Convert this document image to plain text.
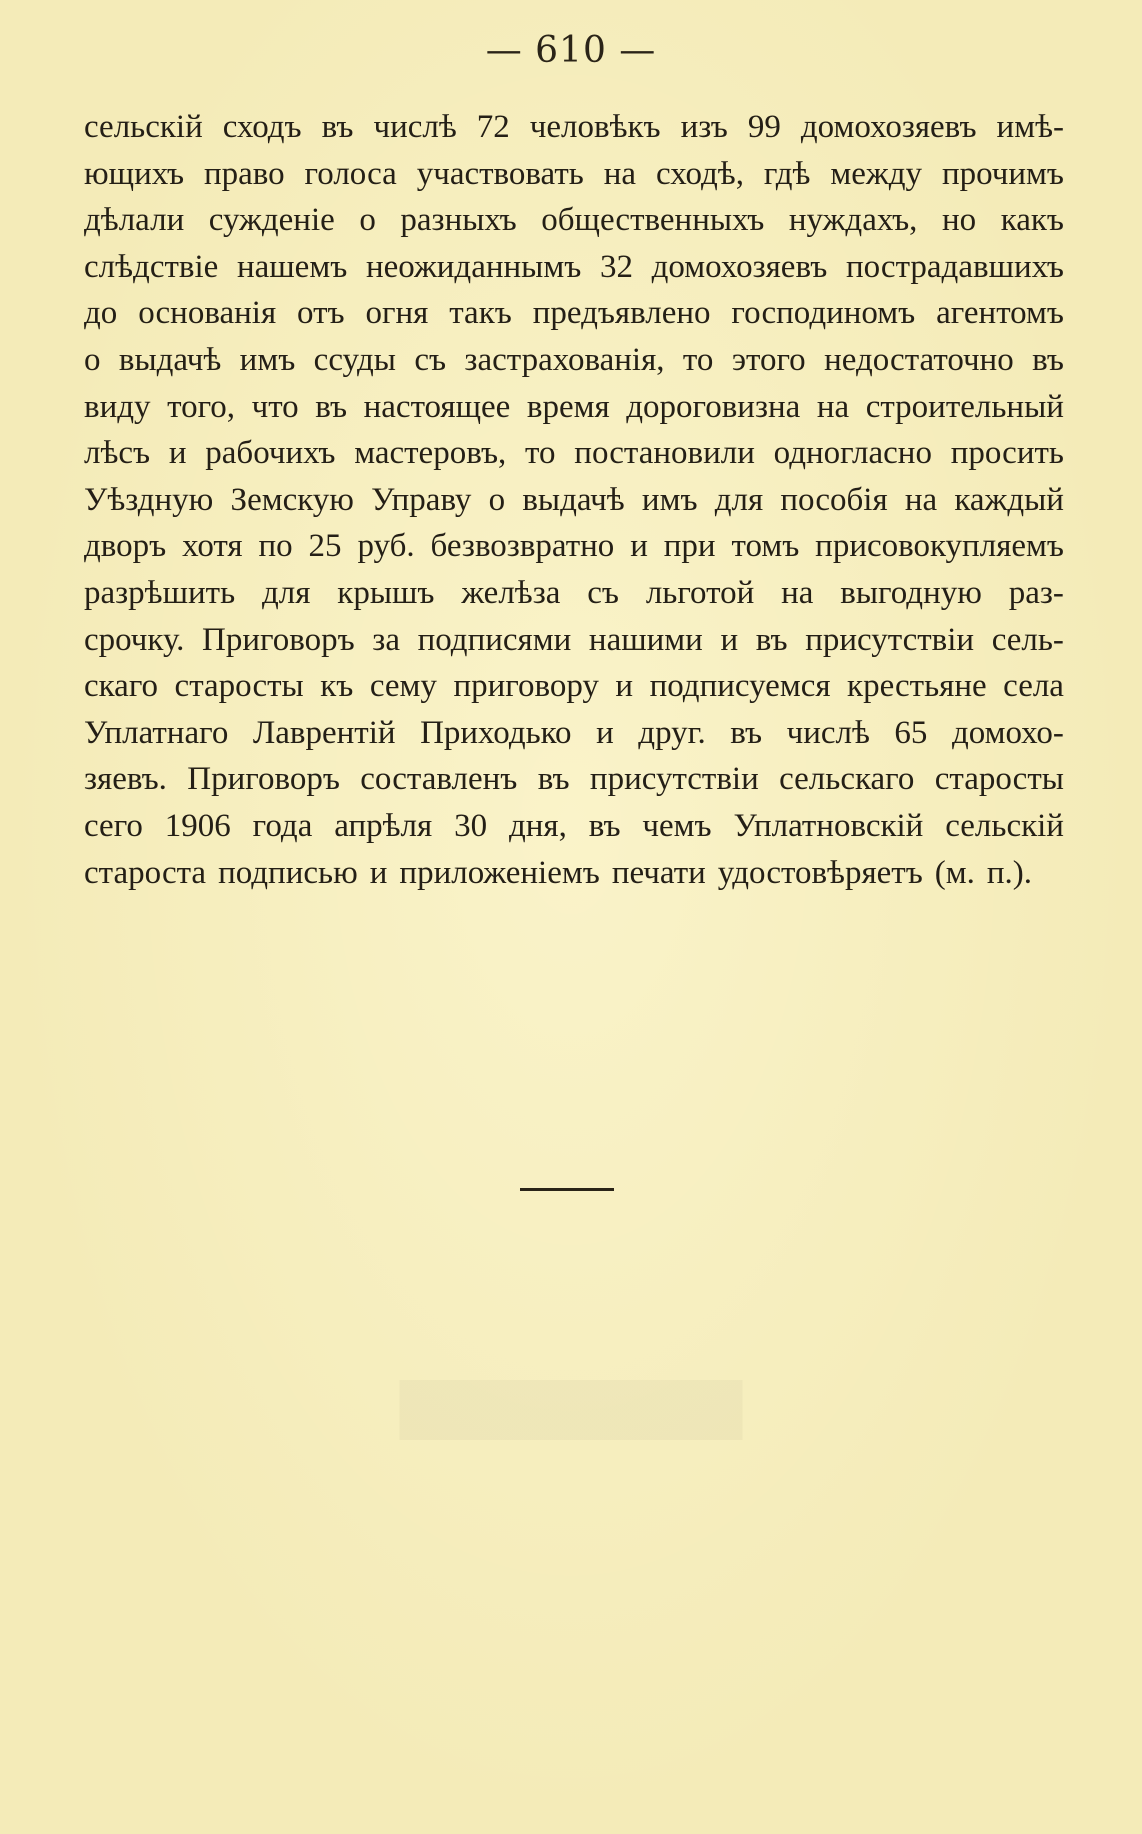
— 610 —
сельскій сходъ въ числѣ 72 человѣкъ изъ 99 домохозяевъ имѣ-
ющихъ право голоса участвовать на сходѣ, гдѣ между прочимъ
дѣлали сужденіе о разныхъ общественныхъ нуждахъ, но какъ
слѣдствіе нашемъ неожиданнымъ 32 домохозяевъ пострадавшихъ
до основанія отъ огня такъ предъявлено господиномъ агентомъ
о выдачѣ имъ ссуды съ застрахованія, то этого недостаточно въ
виду того, что въ настоящее время дороговизна на строительный
лѣсъ и рабочихъ мастеровъ, то постановили одногласно просить
Уѣздную Земскую Управу о выдачѣ имъ для пособія на каждый
дворъ хотя по 25 руб. безвозвратно и при томъ присовокупляемъ
разрѣшить для крышъ желѣза съ льготой на выгодную раз-
срочку. Приговоръ за подписями нашими и въ присутствіи сель-
скаго старосты къ сему приговору и подписуемся крестьяне села
Уплатнаго Лаврентій Приходько и друг. въ числѣ 65 домохо-
зяевъ. Приговоръ составленъ въ присутствіи сельскаго старосты
сего 1906 года апрѣля 30 дня, въ чемъ Уплатновскій сельскій
староста подписью и приложеніемъ печати удостовѣряетъ (м. п.).
